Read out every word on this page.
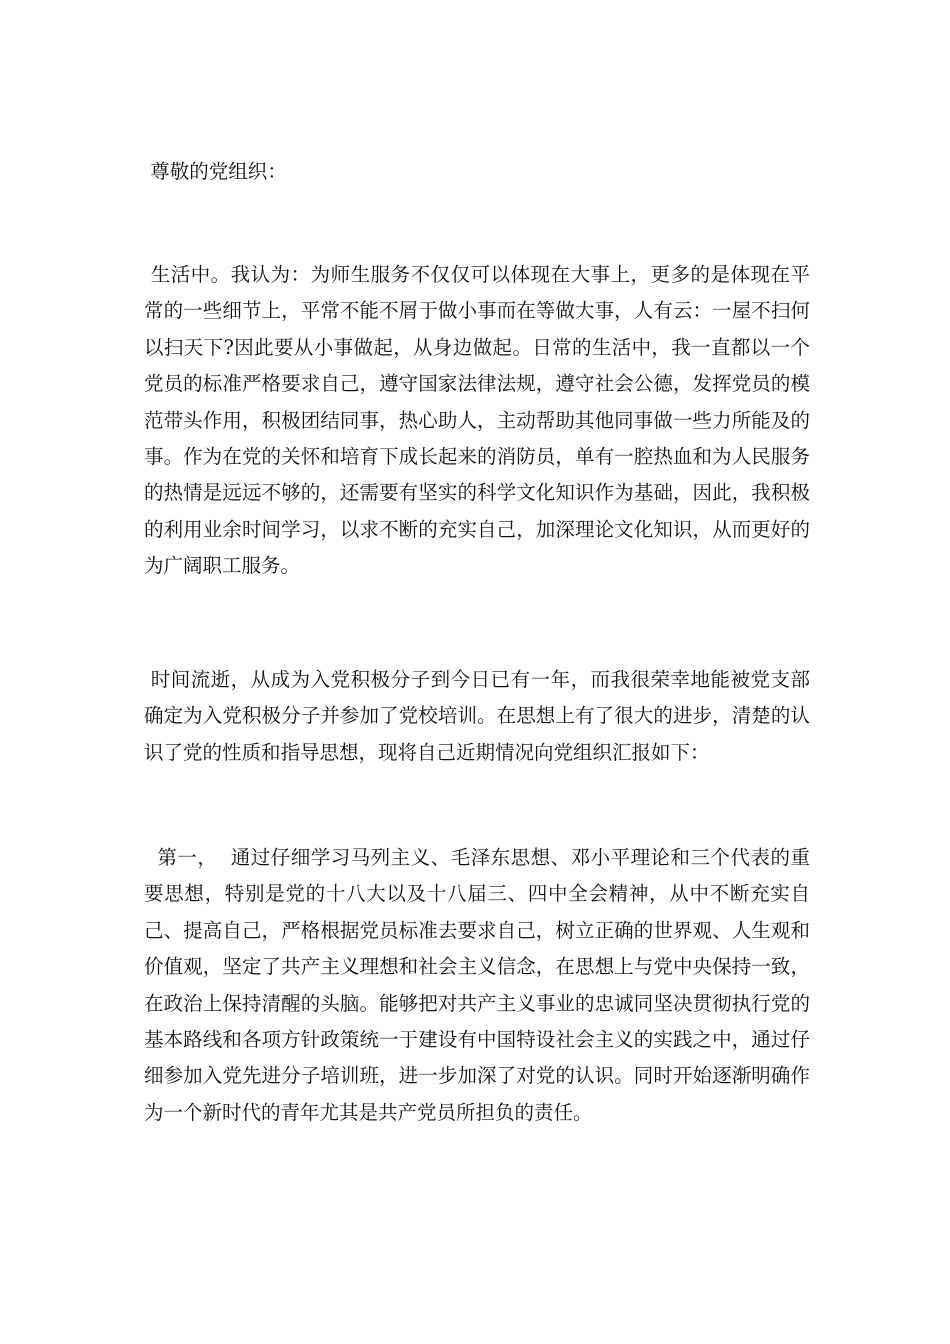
尊敬的党组织：

生活中。我认为：为师生服务不仅仅可以体现在大事上，更多的是体现在平常的一些细节上，平常不能不屑于做小事而在等做大事，人有云：一屋不扫何以扫天下?因此要从小事做起，从身边做起。日常的生活中，我一直都以一个党员的标准严格要求自己，遵守国家法律法规，遵守社会公德，发挥党员的模范带头作用，积极团结同事，热心助人，主动帮助其他同事做一些力所能及的事。作为在党的关怀和培育下成长起来的消防员，单有一腔热血和为人民服务的热情是远远不够的，还需要有坚实的科学文化知识作为基础，因此，我积极的利用业余时间学习，以求不断的充实自己，加深理论文化知识，从而更好的为广阔职工服务。

时间流逝，从成为入党积极分子到今日已有一年，而我很荣幸地能被党支部确定为入党积极分子并参加了党校培训。在思想上有了很大的进步，清楚的认识了党的性质和指导思想，现将自己近期情况向党组织汇报如下：

第一，  通过仔细学习马列主义、毛泽东思想、邓小平理论和三个代表的重要思想，特别是党的十八大以及十八届三、四中全会精神，从中不断充实自己、提高自己，严格根据党员标准去要求自己，树立正确的世界观、人生观和价值观，坚定了共产主义理想和社会主义信念，在思想上与党中央保持一致，在政治上保持清醒的头脑。能够把对共产主义事业的忠诚同坚决贯彻执行党的基本路线和各项方针政策统一于建设有中国特设社会主义的实践之中，通过仔细参加入党先进分子培训班，进一步加深了对党的认识。同时开始逐渐明确作为一个新时代的青年尤其是共产党员所担负的责任。
